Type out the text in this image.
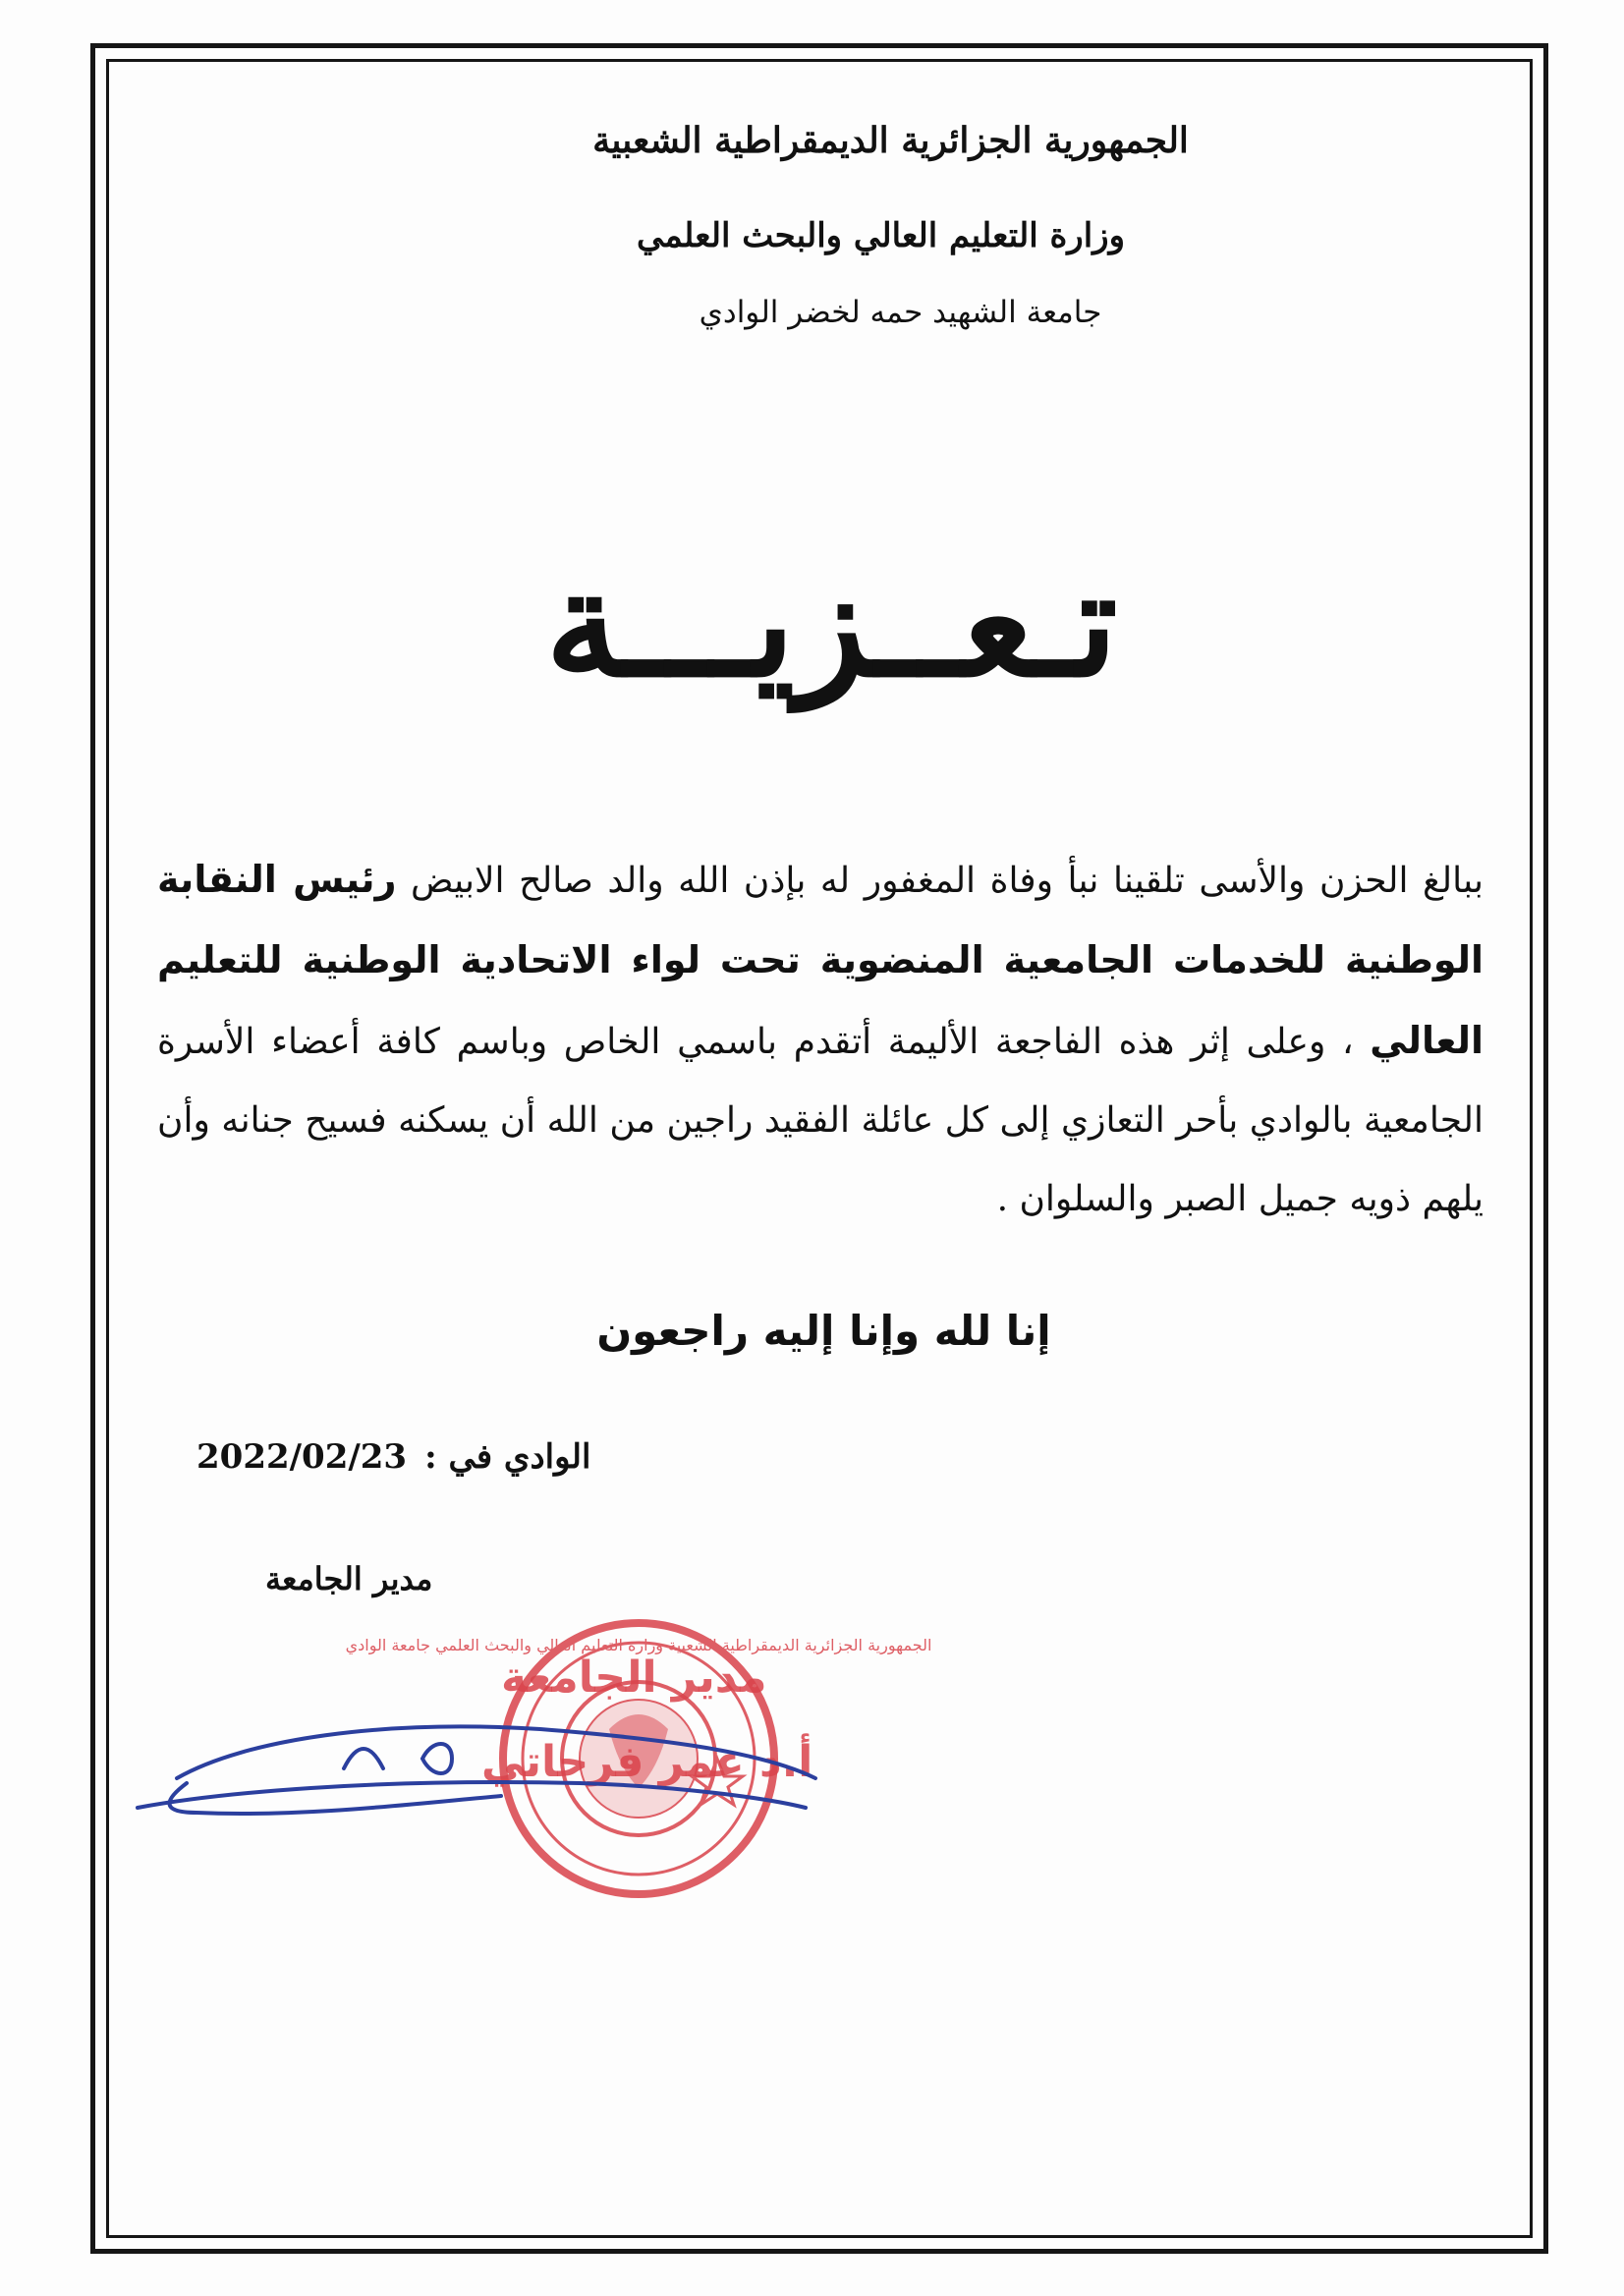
الجمهورية الجزائرية الديمقراطية الشعبية
وزارة التعليم العالي والبحث العلمي
جامعة الشهيد حمه لخضر الوادي
تـعــزيـــة
ببالغ الحزن والأسى تلقينا نبأ وفاة المغفور له بإذن الله والد صالح الابيض رئيس النقابة الوطنية للخدمات الجامعية المنضوية تحت لواء الاتحادية الوطنية للتعليم العالي ، وعلى إثر هذه الفاجعة الأليمة أتقدم باسمي الخاص وباسم كافة أعضاء الأسرة الجامعية بالوادي بأحر التعازي إلى كل عائلة الفقيد راجين من الله أن يسكنه فسيح جنانه وأن يلهم ذويه جميل الصبر والسلوان .
إنا لله وإنا إليه راجعون
الوادي في :2022/02/23
مدير الجامعة
الجمهورية الجزائرية الديمقراطية الشعبية وزارة التعليم العالي والبحث العلمي جامعة الوادي
مدير الجامعة
أ.د عمر فرحاتي
